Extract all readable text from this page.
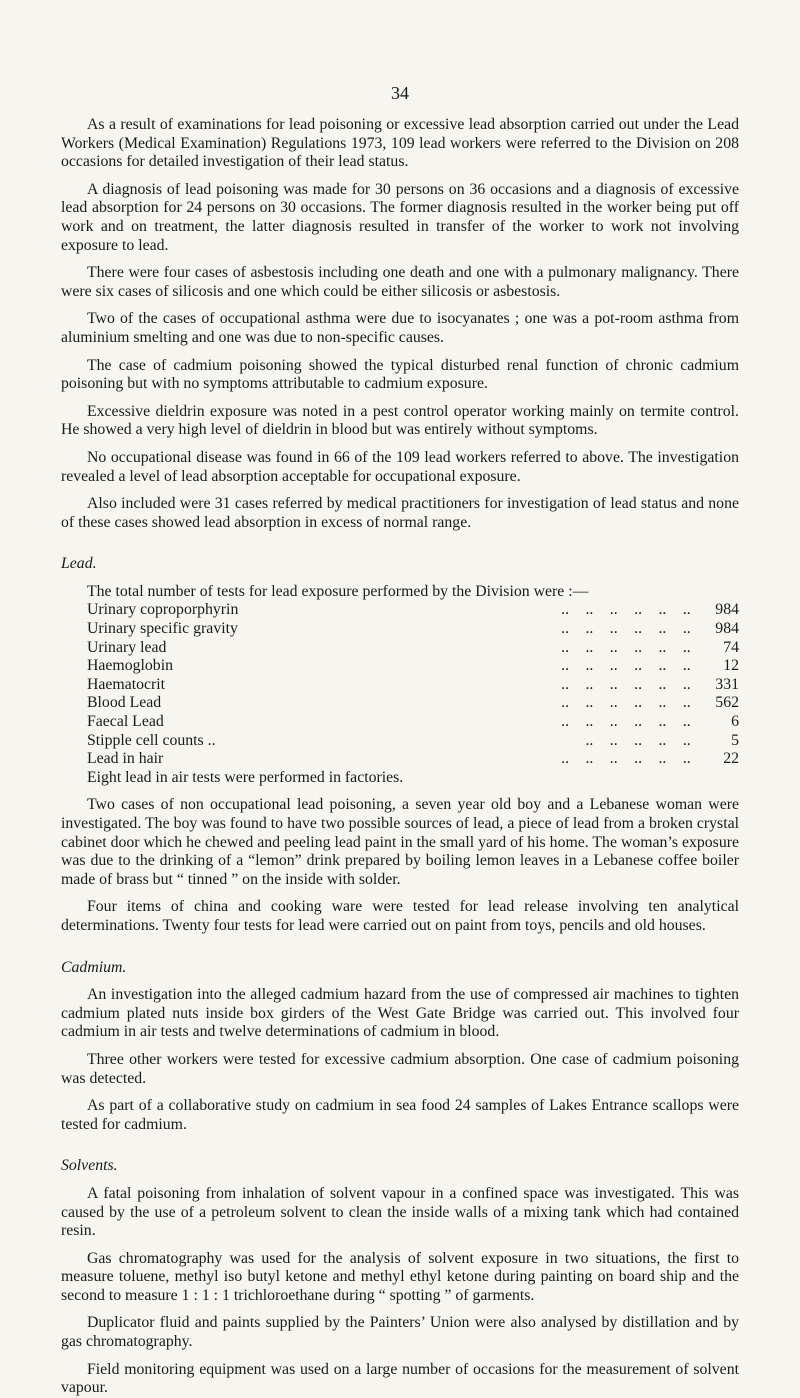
34

As a result of examinations for lead poisoning or excessive lead absorption carried out under the Lead Workers (Medical Examination) Regulations 1973, 109 lead workers were referred to the Division on 208 occasions for detailed investigation of their lead status.

A diagnosis of lead poisoning was made for 30 persons on 36 occasions and a diagnosis of excessive lead absorption for 24 persons on 30 occasions. The former diagnosis resulted in the worker being put off work and on treatment, the latter diagnosis resulted in transfer of the worker to work not involving exposure to lead.

There were four cases of asbestosis including one death and one with a pulmonary malignancy. There were six cases of silicosis and one which could be either silicosis or asbestosis.

Two of the cases of occupational asthma were due to isocyanates ; one was a pot-room asthma from aluminium smelting and one was due to non-specific causes.

The case of cadmium poisoning showed the typical disturbed renal function of chronic cadmium poisoning but with no symptoms attributable to cadmium exposure.

Excessive dieldrin exposure was noted in a pest control operator working mainly on termite control. He showed a very high level of dieldrin in blood but was entirely without symptoms.

No occupational disease was found in 66 of the 109 lead workers referred to above. The investigation revealed a level of lead absorption acceptable for occupational exposure.

Also included were 31 cases referred by medical practitioners for investigation of lead status and none of these cases showed lead absorption in excess of normal range.

Lead.

The total number of tests for lead exposure performed by the Division were :—

Urinary coproporphyrin	..	..	..	..	..	..	984
Urinary specific gravity	..	..	..	..	..	..	984
Urinary lead	..	..	..	..	..	..	74
Haemoglobin	..	..	..	..	..	..	12
Haematocrit	..	..	..	..	..	..	331
Blood Lead	..	..	..	..	..	..	562
Faecal Lead	..	..	..	..	..	..	6
Stipple cell counts ..		..	..	..	..	..	5
Lead in hair	..	..	..	..	..	..	22

Eight lead in air tests were performed in factories.

Two cases of non occupational lead poisoning, a seven year old boy and a Lebanese woman were investigated. The boy was found to have two possible sources of lead, a piece of lead from a broken crystal cabinet door which he chewed and peeling lead paint in the small yard of his home. The woman’s exposure was due to the drinking of a “lemon” drink prepared by boiling lemon leaves in a Lebanese coffee boiler made of brass but “ tinned ” on the inside with solder.

Four items of china and cooking ware were tested for lead release involving ten analytical determinations. Twenty four tests for lead were carried out on paint from toys, pencils and old houses.

Cadmium.

An investigation into the alleged cadmium hazard from the use of compressed air machines to tighten cadmium plated nuts inside box girders of the West Gate Bridge was carried out. This involved four cadmium in air tests and twelve determinations of cadmium in blood.

Three other workers were tested for excessive cadmium absorption. One case of cadmium poisoning was detected.

As part of a collaborative study on cadmium in sea food 24 samples of Lakes Entrance scallops were tested for cadmium.

Solvents.

A fatal poisoning from inhalation of solvent vapour in a confined space was investigated. This was caused by the use of a petroleum solvent to clean the inside walls of a mixing tank which had contained resin.

Gas chromatography was used for the analysis of solvent exposure in two situations, the first to measure toluene, methyl iso butyl ketone and methyl ethyl ketone during painting on board ship and the second to measure 1 : 1 : 1 trichloroethane during “ spotting ” of garments.

Duplicator fluid and paints supplied by the Painters’ Union were also analysed by distillation and by gas chromatography.

Field monitoring equipment was used on a large number of occasions for the measurement of solvent vapour.
